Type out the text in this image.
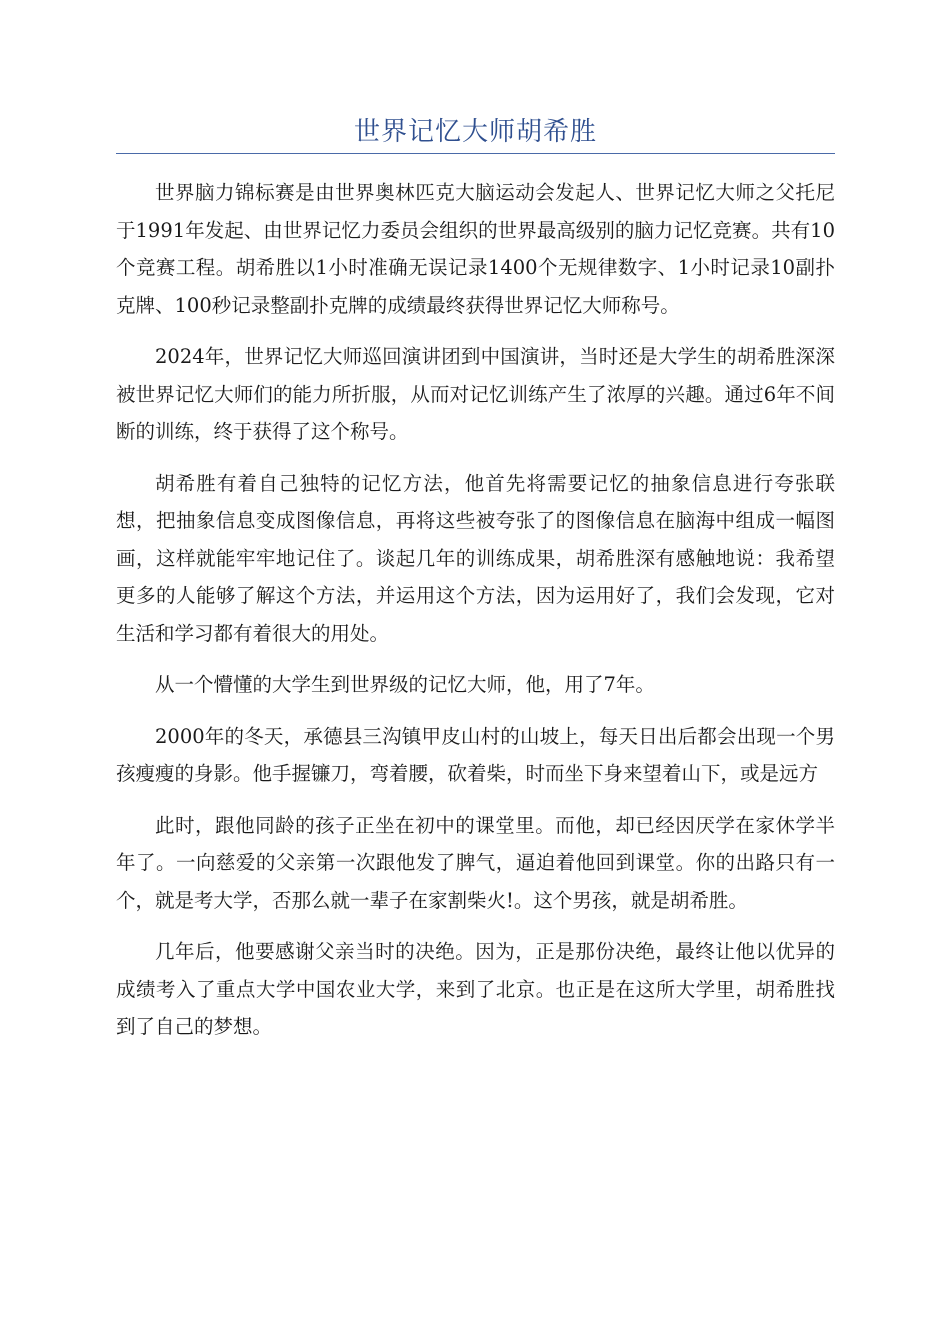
世界记忆大师胡希胜

世界脑力锦标赛是由世界奥林匹克大脑运动会发起人、世界记忆大师之父托尼于1991年发起、由世界记忆力委员会组织的世界最高级别的脑力记忆竞赛。共有10个竞赛工程。胡希胜以1小时准确无误记录1400个无规律数字、1小时记录10副扑克牌、100秒记录整副扑克牌的成绩最终获得世界记忆大师称号。

2024年，世界记忆大师巡回演讲团到中国演讲，当时还是大学生的胡希胜深深被世界记忆大师们的能力所折服，从而对记忆训练产生了浓厚的兴趣。通过6年不间断的训练，终于获得了这个称号。

胡希胜有着自己独特的记忆方法，他首先将需要记忆的抽象信息进行夸张联想，把抽象信息变成图像信息，再将这些被夸张了的图像信息在脑海中组成一幅图画，这样就能牢牢地记住了。谈起几年的训练成果，胡希胜深有感触地说：我希望更多的人能够了解这个方法，并运用这个方法，因为运用好了，我们会发现，它对生活和学习都有着很大的用处。

从一个懵懂的大学生到世界级的记忆大师，他，用了7年。

2000年的冬天，承德县三沟镇甲皮山村的山坡上，每天日出后都会出现一个男孩瘦瘦的身影。他手握镰刀，弯着腰，砍着柴，时而坐下身来望着山下，或是远方

此时，跟他同龄的孩子正坐在初中的课堂里。而他，却已经因厌学在家休学半年了。一向慈爱的父亲第一次跟他发了脾气，逼迫着他回到课堂。你的出路只有一个，就是考大学，否那么就一辈子在家割柴火!。这个男孩，就是胡希胜。

几年后，他要感谢父亲当时的决绝。因为，正是那份决绝，最终让他以优异的成绩考入了重点大学中国农业大学，来到了北京。也正是在这所大学里，胡希胜找到了自己的梦想。
